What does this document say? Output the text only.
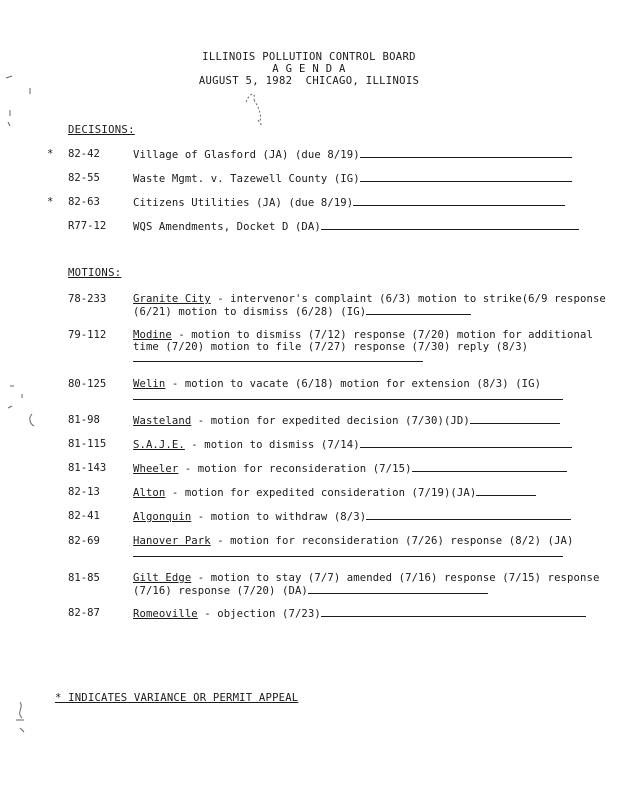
ILLINOIS POLLUTION CONTROL BOARD
A G E N D A
AUGUST 5, 1982  CHICAGO, ILLINOIS
DECISIONS:
* 82-42	Village of Glasford (JA) (due 8/19)
82-55	Waste Mgmt. v. Tazewell County (IG)
* 82-63	Citizens Utilities (JA) (due 8/19)
R77-12	WQS Amendments, Docket D (DA)
MOTIONS:
78-233	Granite City - intervenor's complaint (6/3) motion to strike(6/9 response (6/21) motion to dismiss (6/28) (IG)
79-112	Modine - motion to dismiss (7/12) response (7/20) motion for additional time (7/20) motion to file (7/27) response (7/30) reply (8/3)
80-125	Welin - motion to vacate (6/18) motion for extension (8/3) (IG)
81-98	Wasteland - motion for expedited decision (7/30)(JD)
81-115	S.A.J.E. - motion to dismiss (7/14)
81-143	Wheeler - motion for reconsideration (7/15)
82-13	Alton - motion for expedited consideration (7/19)(JA)
82-41	Algonquin - motion to withdraw (8/3)
82-69	Hanover Park - motion for reconsideration (7/26) response (8/2) (JA)
81-85	Gilt Edge - motion to stay (7/7) amended (7/16) response (7/15) response (7/16) response (7/20) (DA)
82-87	Romeoville - objection (7/23)
* INDICATES VARIANCE OR PERMIT APPEAL
